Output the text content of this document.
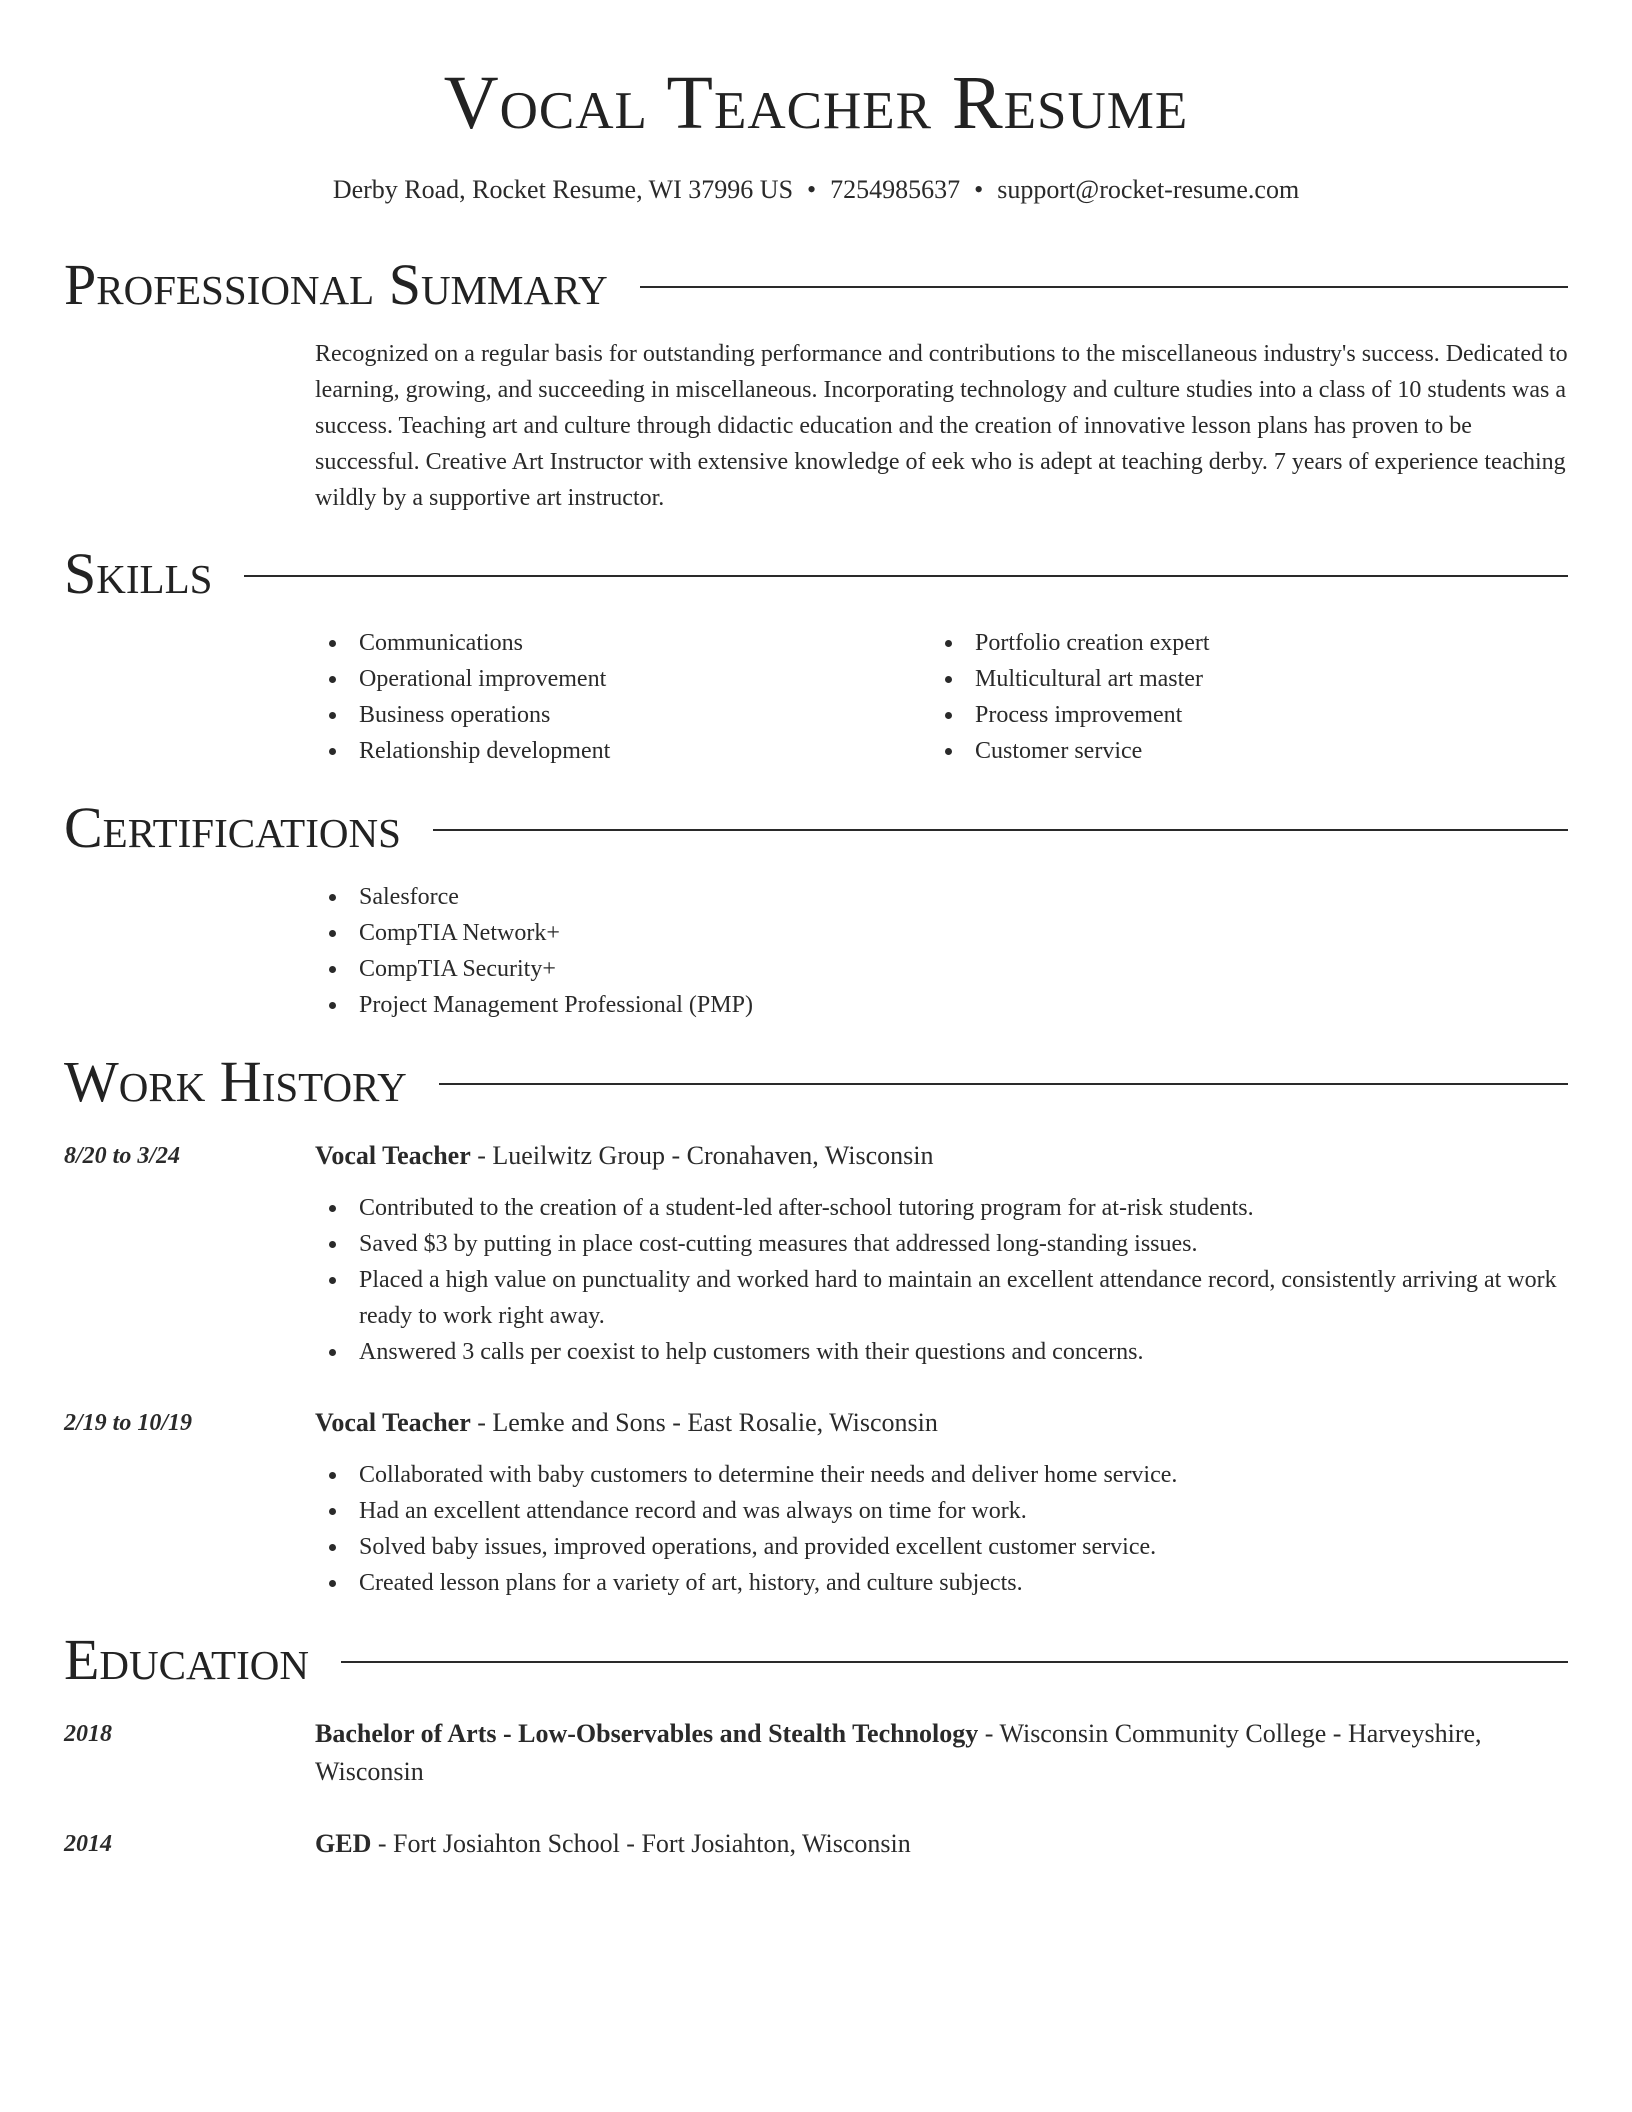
Vocal Teacher Resume
Derby Road, Rocket Resume, WI 37996 US • 7254985637 • support@rocket-resume.com
Professional Summary

Recognized on a regular basis for outstanding performance and contributions to the miscellaneous industry's success. Dedicated to learning, growing, and succeeding in miscellaneous. Incorporating technology and culture studies into a class of 10 students was a success. Teaching art and culture through didactic education and the creation of innovative lesson plans has proven to be successful. Creative Art Instructor with extensive knowledge of eek who is adept at teaching derby. 7 years of experience teaching wildly by a supportive art instructor.

Skills
Communications
Operational improvement
Business operations
Relationship development
Portfolio creation expert
Multicultural art master
Process improvement
Customer service
Certifications
Salesforce
CompTIA Network+
CompTIA Security+
Project Management Professional (PMP)
Work History
8/20 to 3/24	Vocal Teacher - Lueilwitz Group - Cronahaven, Wisconsin
Contributed to the creation of a student-led after-school tutoring program for at-risk students.
Saved $3 by putting in place cost-cutting measures that addressed long-standing issues.
Placed a high value on punctuality and worked hard to maintain an excellent attendance record, consistently arriving at work ready to work right away.
Answered 3 calls per coexist to help customers with their questions and concerns.
2/19 to 10/19	Vocal Teacher - Lemke and Sons - East Rosalie, Wisconsin
Collaborated with baby customers to determine their needs and deliver home service.
Had an excellent attendance record and was always on time for work.
Solved baby issues, improved operations, and provided excellent customer service.
Created lesson plans for a variety of art, history, and culture subjects.
Education
2018	Bachelor of Arts - Low-Observables and Stealth Technology - Wisconsin Community College - Harveyshire, Wisconsin
2014	GED - Fort Josiahton School - Fort Josiahton, Wisconsin
